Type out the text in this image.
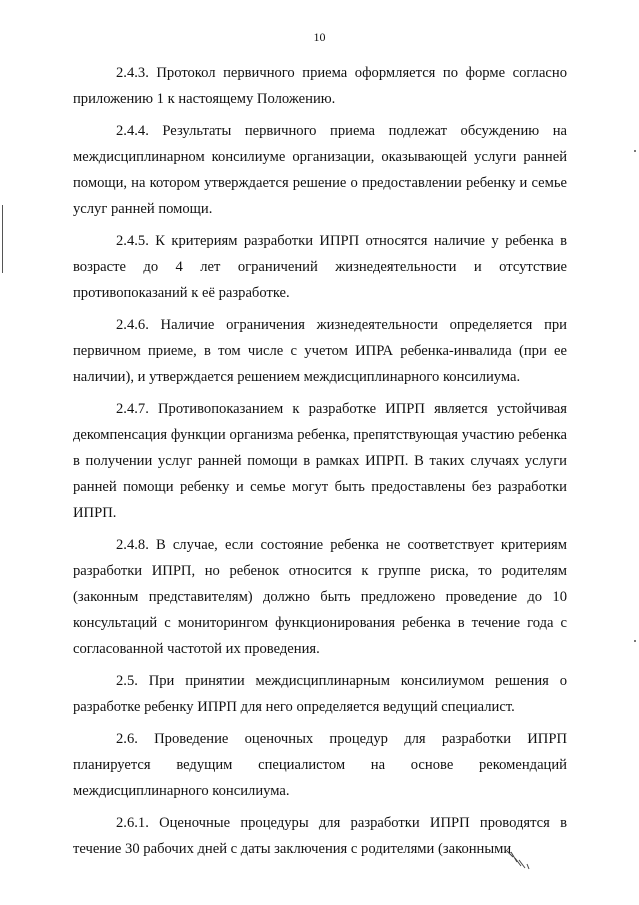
10

2.4.3. Протокол первичного приема оформляется по форме согласно приложению 1 к настоящему Положению.

2.4.4. Результаты первичного приема подлежат обсуждению на междисциплинарном консилиуме организации, оказывающей услуги ранней помощи, на котором утверждается решение о предоставлении ребенку и семье услуг ранней помощи.

2.4.5. К критериям разработки ИПРП относятся наличие у ребенка в возрасте до 4 лет ограничений жизнедеятельности и отсутствие противопоказаний к её разработке.

2.4.6. Наличие ограничения жизнедеятельности определяется при первичном приеме, в том числе с учетом ИПРА ребенка-инвалида (при ее наличии), и утверждается решением междисциплинарного консилиума.

2.4.7. Противопоказанием к разработке ИПРП является устойчивая декомпенсация функции организма ребенка, препятствующая участию ребенка в получении услуг ранней помощи в рамках ИПРП. В таких случаях услуги ранней помощи ребенку и семье могут быть предоставлены без разработки ИПРП.

2.4.8. В случае, если состояние ребенка не соответствует критериям разработки ИПРП, но ребенок относится к группе риска, то родителям (законным представителям) должно быть предложено проведение до 10 консультаций с мониторингом функционирования ребенка в течение года с согласованной частотой их проведения.

2.5. При принятии междисциплинарным консилиумом решения о разработке ребенку ИПРП для него определяется ведущий специалист.

2.6. Проведение оценочных процедур для разработки ИПРП планируется ведущим специалистом на основе рекомендаций междисциплинарного консилиума.

2.6.1. Оценочные процедуры для разработки ИПРП проводятся в течение 30 рабочих дней с даты заключения с родителями (законными
